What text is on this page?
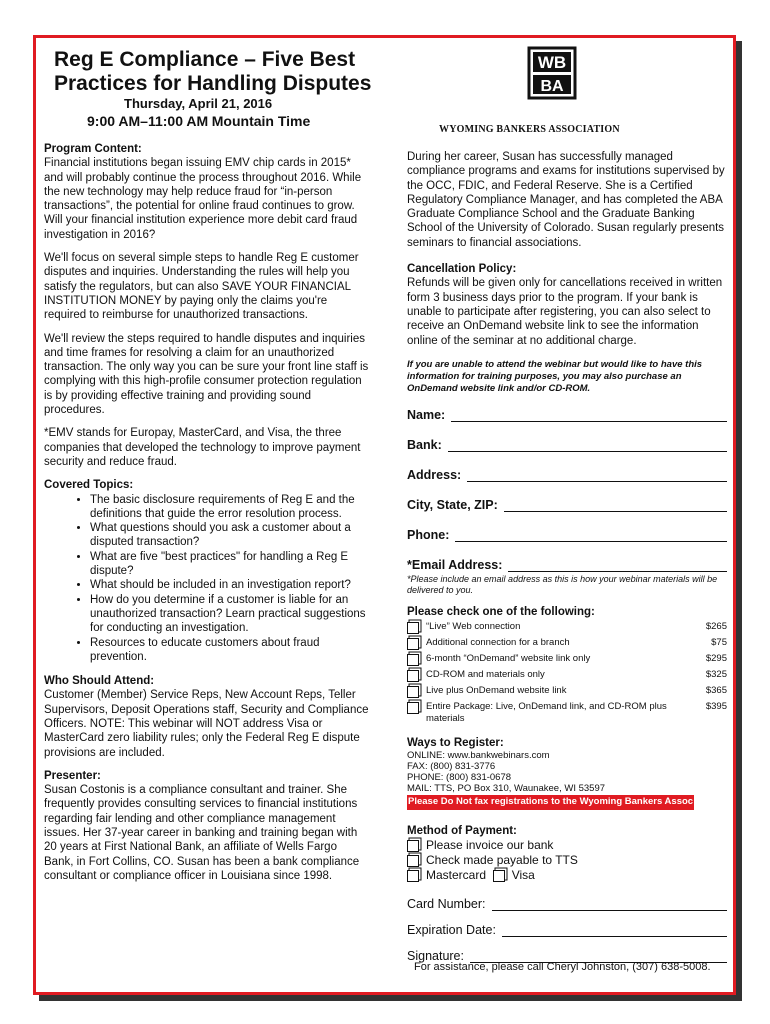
Reg E Compliance – Five Best
Practices for Handling Disputes
Thursday, April 21, 2016
9:00 AM–11:00 AM Mountain Time
WB
BA
WYOMING BANKERS ASSOCIATION
Program Content:

Financial institutions began issuing EMV chip cards in 2015* and will probably continue the process throughout 2016. While the new technology may help reduce fraud for “in-person transactions”, the potential for online fraud continues to grow. Will your financial institution experience more debit card fraud investigation in 2016?

We'll focus on several simple steps to handle Reg E customer disputes and inquiries. Understanding the rules will help you satisfy the regulators, but can also SAVE YOUR FINANCIAL INSTITUTION MONEY by paying only the claims you're required to reimburse for unauthorized transactions.

We'll review the steps required to handle disputes and inquiries and time frames for resolving a claim for an unauthorized transaction. The only way you can be sure your front line staff is complying with this high-profile consumer protection regulation is by providing effective training and providing sound procedures.

*EMV stands for Europay, MasterCard, and Visa, the three companies that developed the technology to improve payment security and reduce fraud.

Covered Topics:
• The basic disclosure requirements of Reg E and the definitions that guide the error resolution process.
• What questions should you ask a customer about a disputed transaction?
• What are five "best practices" for handling a Reg E dispute?
• What should be included in an investigation report?
• How do you determine if a customer is liable for an unauthorized transaction? Learn practical suggestions for conducting an investigation.
• Resources to educate customers about fraud prevention.
Who Should Attend:

Customer (Member) Service Reps, New Account Reps, Teller Supervisors, Deposit Operations staff, Security and Compliance Officers. NOTE: This webinar will NOT address Visa or MasterCard zero liability rules; only the Federal Reg E dispute provisions are included.

Presenter:

Susan Costonis is a compliance consultant and trainer. She frequently provides consulting services to financial institutions regarding fair lending and other compliance management issues. Her 37-year career in banking and training began with 20 years at First National Bank, an affiliate of Wells Fargo Bank, in Fort Collins, CO. Susan has been a bank compliance consultant or compliance officer in Louisiana since 1998.

During her career, Susan has successfully managed compliance programs and exams for institutions supervised by the OCC, FDIC, and Federal Reserve. She is a Certified Regulatory Compliance Manager, and has completed the ABA Graduate Compliance School and the Graduate Banking School of the University of Colorado. Susan regularly presents seminars to financial associations.

Cancellation Policy:

Refunds will be given only for cancellations received in written form 3 business days prior to the program. If your bank is unable to participate after registering, you can also select to receive an OnDemand website link to see the information online of the seminar at no additional charge.

If you are unable to attend the webinar but would like to have this information for training purposes, you may also purchase an OnDemand website link and/or CD-ROM.

Name:
Bank:
Address:
City, State, ZIP:
Phone:
*Email Address:

*Please include an email address as this is how your webinar materials will be delivered to you.

Please check one of the following:
“Live” Web connection	$265
Additional connection for a branch	$75
6-month “OnDemand” website link only	$295
CD-ROM and materials only	$325
Live plus OnDemand website link	$365
Entire Package: Live, OnDemand link, and CD-ROM plus materials
$395
Ways to Register:
ONLINE: www.bankwebinars.com
FAX: (800) 831-3776
PHONE: (800) 831-0678
MAIL: TTS, PO Box 310, Waunakee, WI 53597
Please Do Not fax registrations to the Wyoming Bankers Assoc
Method of Payment:
Please invoice our bank
Check made payable to TTS
Mastercard
Visa
Card Number:
Expiration Date:
Signature:
For assistance, please call Cheryl Johnston, (307) 638-5008.
